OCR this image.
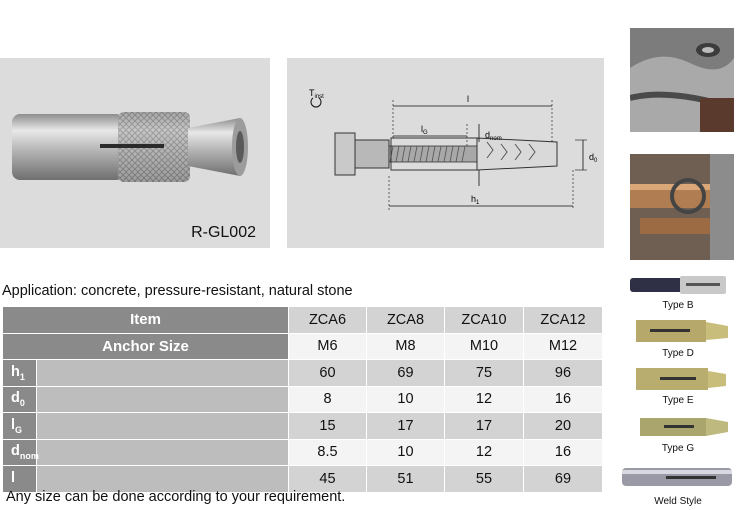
R-GL002
$T_{inst}$	l
$l_G$	$d_{nom}$
$d_0$
$h_1$
Type B
Type D
Type E
Type G
Weld Style
Application: concrete, pressure-resistant, natural stone
Item		ZCA6	ZCA8	ZCA10	ZCA12
Anchor Size		M6	M8	M10	M12
$h_1$		60	69	75	96
$d_0$		8	10	12	16
$l_G$		15	17	17	20
$d_{nom}$		8.5	10	12	16
l		45	51	55	69
Any size can be done according to your requirement.
